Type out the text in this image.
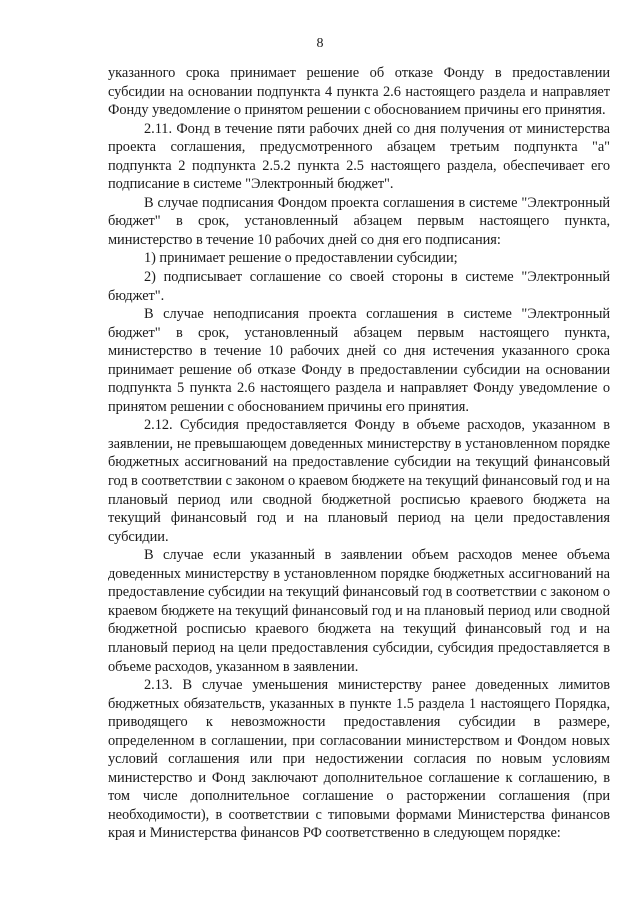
8

указанного срока принимает решение об отказе Фонду в предоставлении субсидии на основании подпункта 4 пункта 2.6 настоящего раздела и направляет Фонду уведомление о принятом решении с обоснованием причины его принятия.

2.11. Фонд в течение пяти рабочих дней со дня получения от министерства проекта соглашения, предусмотренного абзацем третьим подпункта "а" подпункта 2 подпункта 2.5.2 пункта 2.5 настоящего раздела, обеспечивает его подписание в системе "Электронный бюджет".

В случае подписания Фондом проекта соглашения в системе "Электронный бюджет" в срок, установленный абзацем первым настоящего пункта, министерство в течение 10 рабочих дней со дня его подписания:

1) принимает решение о предоставлении субсидии;

2) подписывает соглашение со своей стороны в системе "Электронный бюджет".

В случае неподписания проекта соглашения в системе "Электронный бюджет" в срок, установленный абзацем первым настоящего пункта, министерство в течение 10 рабочих дней со дня истечения указанного срока принимает решение об отказе Фонду в предоставлении субсидии на основании подпункта 5 пункта 2.6 настоящего раздела и направляет Фонду уведомление о принятом решении с обоснованием причины его принятия.

2.12. Субсидия предоставляется Фонду в объеме расходов, указанном в заявлении, не превышающем доведенных министерству в установленном порядке бюджетных ассигнований на предоставление субсидии на текущий финансовый год в соответствии с законом о краевом бюджете на текущий финансовый год и на плановый период или сводной бюджетной росписью краевого бюджета на текущий финансовый год и на плановый период на цели предоставления субсидии.

В случае если указанный в заявлении объем расходов менее объема доведенных министерству в установленном порядке бюджетных ассигнований на предоставление субсидии на текущий финансовый год в соответствии с законом о краевом бюджете на текущий финансовый год и на плановый период или сводной бюджетной росписью краевого бюджета на текущий финансовый год и на плановый период на цели предоставления субсидии, субсидия предоставляется в объеме расходов, указанном в заявлении.

2.13. В случае уменьшения министерству ранее доведенных лимитов бюджетных обязательств, указанных в пункте 1.5 раздела 1 настоящего Порядка, приводящего к невозможности предоставления субсидии в размере, определенном в соглашении, при согласовании министерством и Фондом новых условий соглашения или при недостижении согласия по новым условиям министерство и Фонд заключают дополнительное соглашение к соглашению, в том числе дополнительное соглашение о расторжении соглашения (при необходимости), в соответствии с типовыми формами Министерства финансов края и Министерства финансов РФ соответственно в следующем порядке:
